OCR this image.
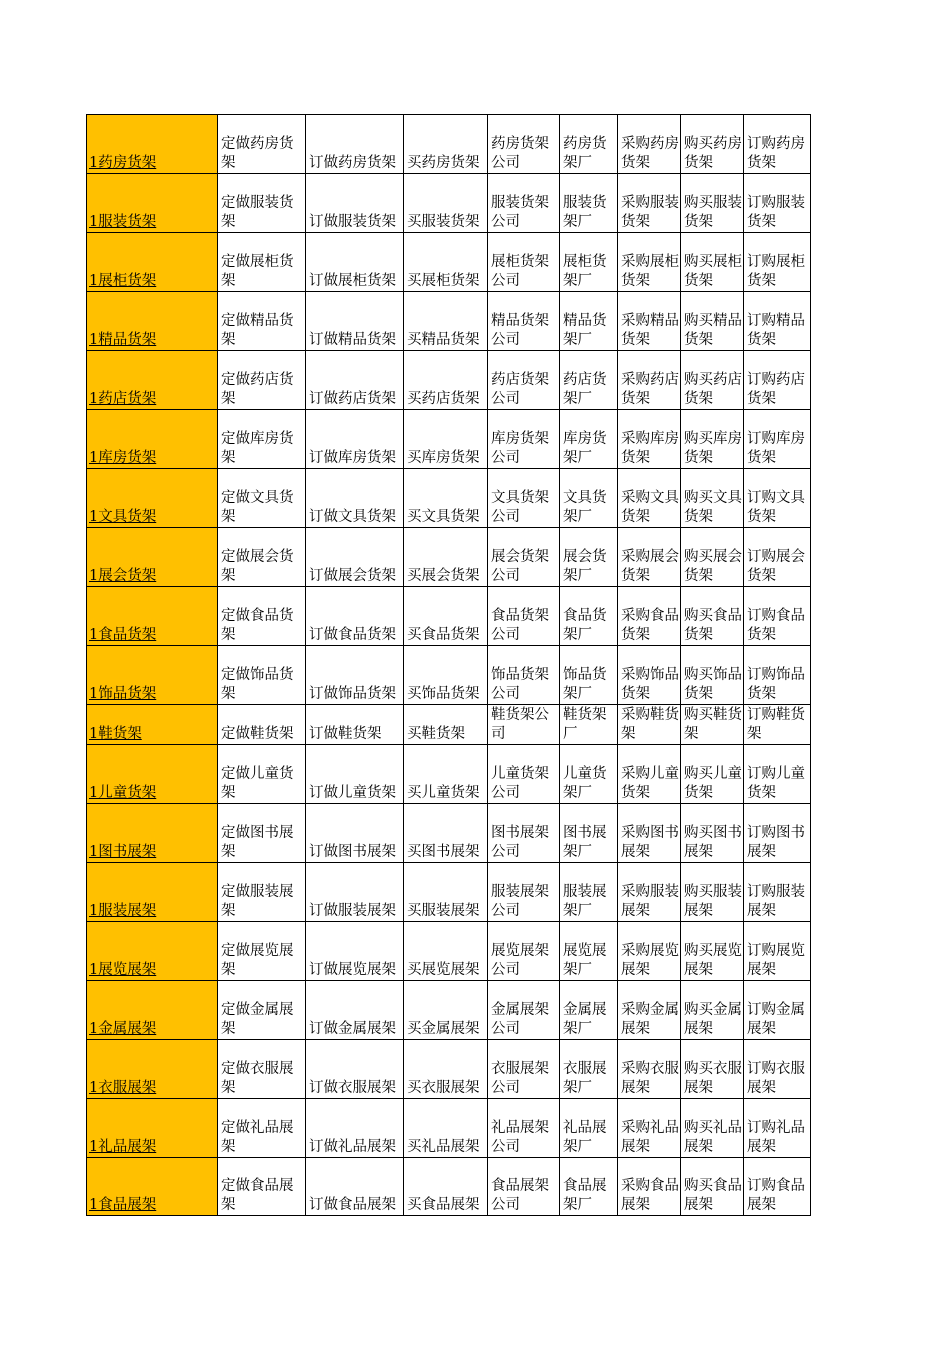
1药房货架	定做药房货架	订做药房货架	买药房货架	药房货架公司	药房货架厂	采购药房货架	购买药房货架	订购药房货架
1服装货架	定做服装货架	订做服装货架	买服装货架	服装货架公司	服装货架厂	采购服装货架	购买服装货架	订购服装货架
1展柜货架	定做展柜货架	订做展柜货架	买展柜货架	展柜货架公司	展柜货架厂	采购展柜货架	购买展柜货架	订购展柜货架
1精品货架	定做精品货架	订做精品货架	买精品货架	精品货架公司	精品货架厂	采购精品货架	购买精品货架	订购精品货架
1药店货架	定做药店货架	订做药店货架	买药店货架	药店货架公司	药店货架厂	采购药店货架	购买药店货架	订购药店货架
1库房货架	定做库房货架	订做库房货架	买库房货架	库房货架公司	库房货架厂	采购库房货架	购买库房货架	订购库房货架
1文具货架	定做文具货架	订做文具货架	买文具货架	文具货架公司	文具货架厂	采购文具货架	购买文具货架	订购文具货架
1展会货架	定做展会货架	订做展会货架	买展会货架	展会货架公司	展会货架厂	采购展会货架	购买展会货架	订购展会货架
1食品货架	定做食品货架	订做食品货架	买食品货架	食品货架公司	食品货架厂	采购食品货架	购买食品货架	订购食品货架
1饰品货架	定做饰品货架	订做饰品货架	买饰品货架	饰品货架公司	饰品货架厂	采购饰品货架	购买饰品货架	订购饰品货架
1鞋货架	定做鞋货架	订做鞋货架	买鞋货架	鞋货架公司	鞋货架厂	采购鞋货架	购买鞋货架	订购鞋货架
1儿童货架	定做儿童货架	订做儿童货架	买儿童货架	儿童货架公司	儿童货架厂	采购儿童货架	购买儿童货架	订购儿童货架
1图书展架	定做图书展架	订做图书展架	买图书展架	图书展架公司	图书展架厂	采购图书展架	购买图书展架	订购图书展架
1服装展架	定做服装展架	订做服装展架	买服装展架	服装展架公司	服装展架厂	采购服装展架	购买服装展架	订购服装展架
1展览展架	定做展览展架	订做展览展架	买展览展架	展览展架公司	展览展架厂	采购展览展架	购买展览展架	订购展览展架
1金属展架	定做金属展架	订做金属展架	买金属展架	金属展架公司	金属展架厂	采购金属展架	购买金属展架	订购金属展架
1衣服展架	定做衣服展架	订做衣服展架	买衣服展架	衣服展架公司	衣服展架厂	采购衣服展架	购买衣服展架	订购衣服展架
1礼品展架	定做礼品展架	订做礼品展架	买礼品展架	礼品展架公司	礼品展架厂	采购礼品展架	购买礼品展架	订购礼品展架
1食品展架	定做食品展架	订做食品展架	买食品展架	食品展架公司	食品展架厂	采购食品展架	购买食品展架	订购食品展架
